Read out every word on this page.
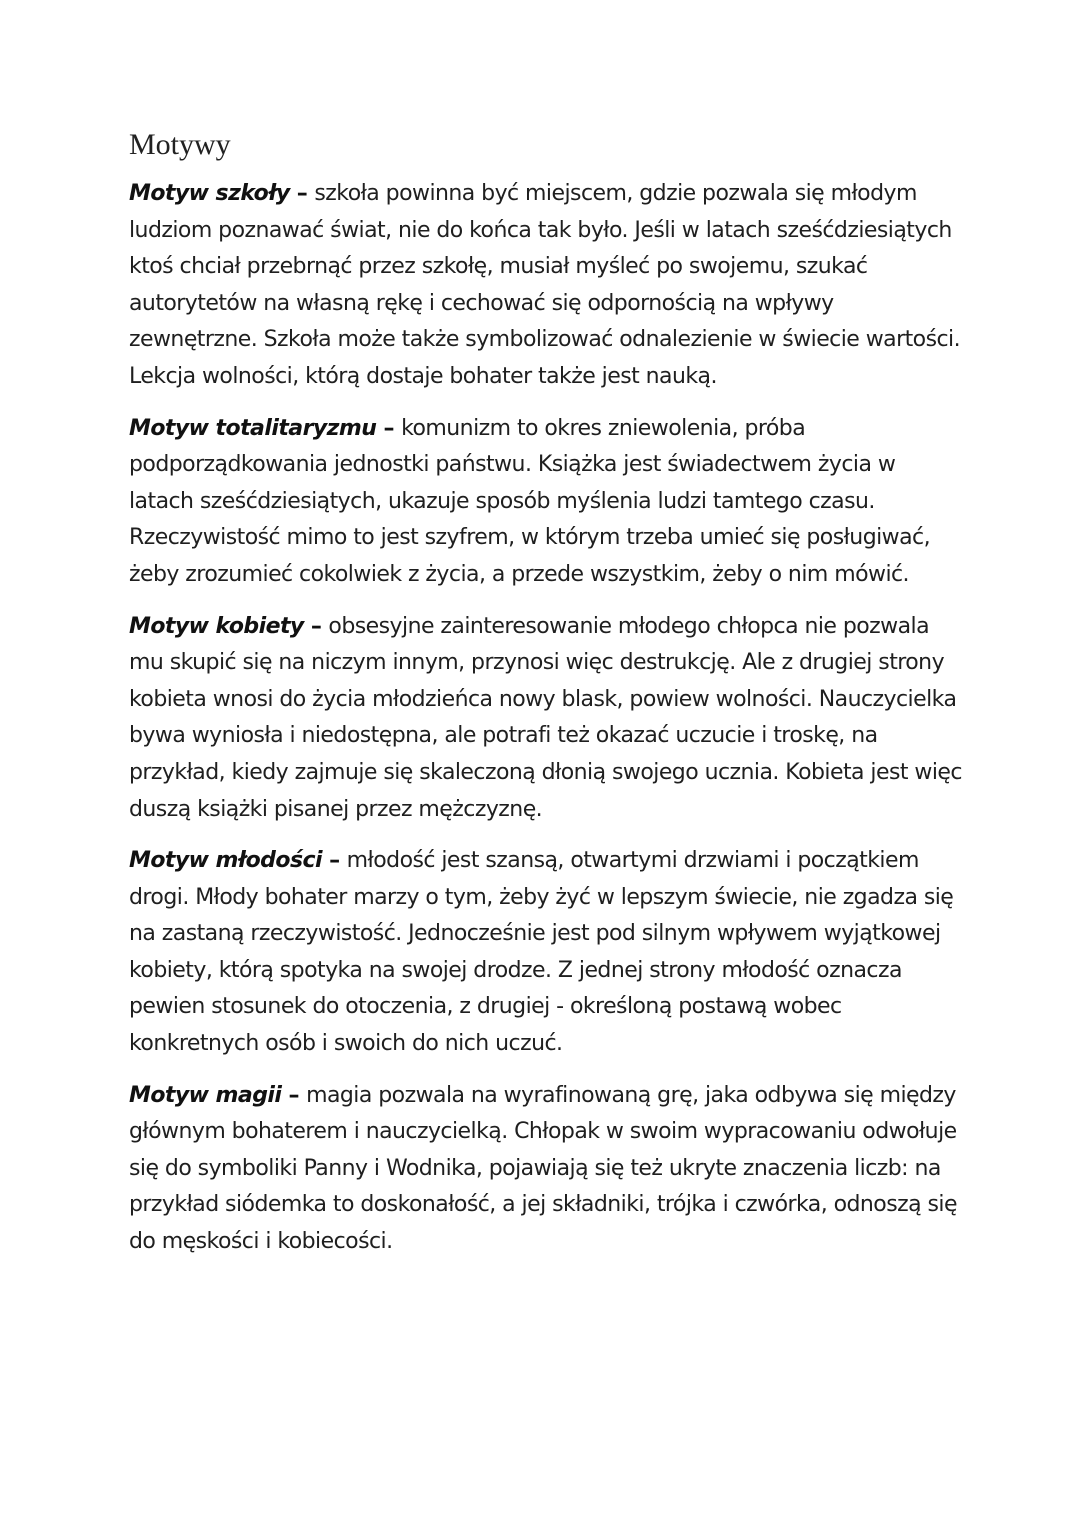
Motywy

Motyw szkoły – szkoła powinna być miejscem, gdzie pozwala się młodym ludziom poznawać świat, nie do końca tak było. Jeśli w latach sześćdziesiątych ktoś chciał przebrnąć przez szkołę, musiał myśleć po swojemu, szukać autorytetów na własną rękę i cechować się odpornością na wpływy zewnętrzne. Szkoła może także symbolizować odnalezienie w świecie wartości. Lekcja wolności, którą dostaje bohater także jest nauką.

Motyw totalitaryzmu – komunizm to okres zniewolenia, próba podporządkowania jednostki państwu. Książka jest świadectwem życia w latach sześćdziesiątych, ukazuje sposób myślenia ludzi tamtego czasu. Rzeczywistość mimo to jest szyfrem, w którym trzeba umieć się posługiwać, żeby zrozumieć cokolwiek z życia, a przede wszystkim, żeby o nim mówić.

Motyw kobiety – obsesyjne zainteresowanie młodego chłopca nie pozwala mu skupić się na niczym innym, przynosi więc destrukcję. Ale z drugiej strony kobieta wnosi do życia młodzieńca nowy blask, powiew wolności. Nauczycielka bywa wyniosła i niedostępna, ale potrafi też okazać uczucie i troskę, na przykład, kiedy zajmuje się skaleczoną dłonią swojego ucznia. Kobieta jest więc duszą książki pisanej przez mężczyznę.

Motyw młodości – młodość jest szansą, otwartymi drzwiami i początkiem drogi. Młody bohater marzy o tym, żeby żyć w lepszym świecie, nie zgadza się na zastaną rzeczywistość. Jednocześnie jest pod silnym wpływem wyjątkowej kobiety, którą spotyka na swojej drodze. Z jednej strony młodość oznacza pewien stosunek do otoczenia, z drugiej - określoną postawą wobec konkretnych osób i swoich do nich uczuć.

Motyw magii – magia pozwala na wyrafinowaną grę, jaka odbywa się między głównym bohaterem i nauczycielką. Chłopak w swoim wypracowaniu odwołuje się do symboliki Panny i Wodnika, pojawiają się też ukryte znaczenia liczb: na przykład siódemka to doskonałość, a jej składniki, trójka i czwórka, odnoszą się do męskości i kobiecości.
